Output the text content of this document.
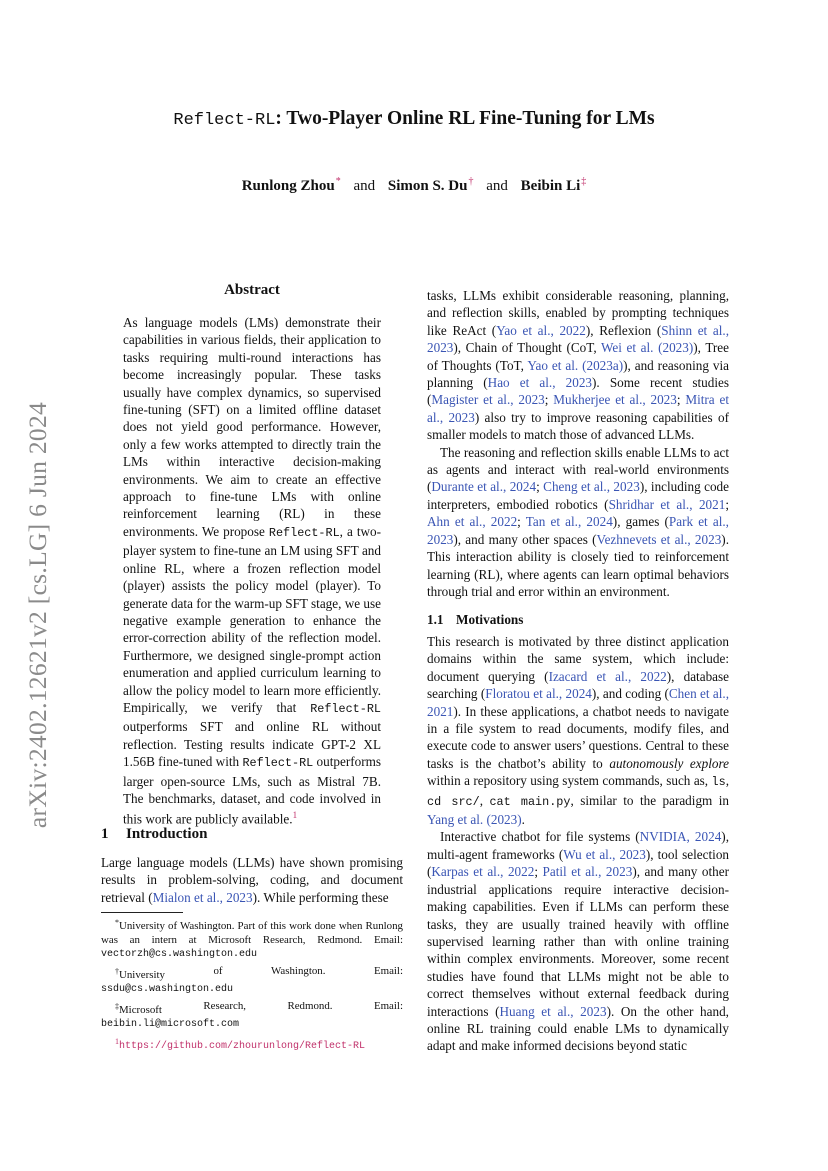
arXiv:2402.12621v2 [cs.LG] 6 Jun 2024
Reflect-RL: Two-Player Online RL Fine-Tuning for LMs
Runlong Zhou* and Simon S. Du† and Beibin Li‡
Abstract
As language models (LMs) demonstrate their capabilities in various fields, their application to tasks requiring multi-round interactions has become increasingly popular. These tasks usually have complex dynamics, so supervised fine-tuning (SFT) on a limited offline dataset does not yield good performance. However, only a few works attempted to directly train the LMs within interactive decision-making environments. We aim to create an effective approach to fine-tune LMs with online reinforcement learning (RL) in these environments. We propose Reflect-RL, a two-player system to fine-tune an LM using SFT and online RL, where a frozen reflection model (player) assists the policy model (player). To generate data for the warm-up SFT stage, we use negative example generation to enhance the error-correction ability of the reflection model. Furthermore, we designed single-prompt action enumeration and applied curriculum learning to allow the policy model to learn more efficiently. Empirically, we verify that Reflect-RL outperforms SFT and online RL without reflection. Testing results indicate GPT-2 XL 1.56B fine-tuned with Reflect-RL outperforms larger open-source LMs, such as Mistral 7B. The benchmarks, dataset, and code involved in this work are publicly available.$^1$
1 Introduction
Large language models (LLMs) have shown promising results in problem-solving, coding, and document retrieval (Mialon et al., 2023). While performing these

*University of Washington. Part of this work done when Runlong was an intern at Microsoft Research, Redmond. Email: vectorzh@cs.washington.edu

†University	of	Washington.	Email:
ssdu@cs.washington.edu
‡Microsoft	Research,	Redmond.	Email:
beibin.li@microsoft.com

$^1$https://github.com/zhourunlong/Reflect-RL

tasks, LLMs exhibit considerable reasoning, planning, and reflection skills, enabled by prompting techniques like ReAct (Yao et al., 2022), Reflexion (Shinn et al., 2023), Chain of Thought (CoT, Wei et al. (2023)), Tree of Thoughts (ToT, Yao et al. (2023a)), and reasoning via planning (Hao et al., 2023). Some recent studies (Magister et al., 2023; Mukherjee et al., 2023; Mitra et al., 2023) also try to improve reasoning capabilities of smaller models to match those of advanced LLMs.

The reasoning and reflection skills enable LLMs to act as agents and interact with real-world environments (Durante et al., 2024; Cheng et al., 2023), including code interpreters, embodied robotics (Shridhar et al., 2021; Ahn et al., 2022; Tan et al., 2024), games (Park et al., 2023), and many other spaces (Vezhnevets et al., 2023). This interaction ability is closely tied to reinforcement learning (RL), where agents can learn optimal behaviors through trial and error within an environment.

1.1 Motivations

This research is motivated by three distinct application domains within the same system, which include: document querying (Izacard et al., 2022), database searching (Floratou et al., 2024), and coding (Chen et al., 2021). In these applications, a chatbot needs to navigate in a file system to read documents, modify files, and execute code to answer users’ questions. Central to these tasks is the chatbot’s ability to autonomously explore within a repository using system commands, such as, ls, cd src/, cat main.py, similar to the paradigm in Yang et al. (2023).

Interactive chatbot for file systems (NVIDIA, 2024), multi-agent frameworks (Wu et al., 2023), tool selection (Karpas et al., 2022; Patil et al., 2023), and many other industrial applications require interactive decision-making capabilities. Even if LLMs can perform these tasks, they are usually trained heavily with offline supervised learning rather than with online training within complex environments. Moreover, some recent studies have found that LLMs might not be able to correct themselves without external feedback during interactions (Huang et al., 2023). On the other hand, online RL training could enable LMs to dynamically adapt and make informed decisions beyond static
